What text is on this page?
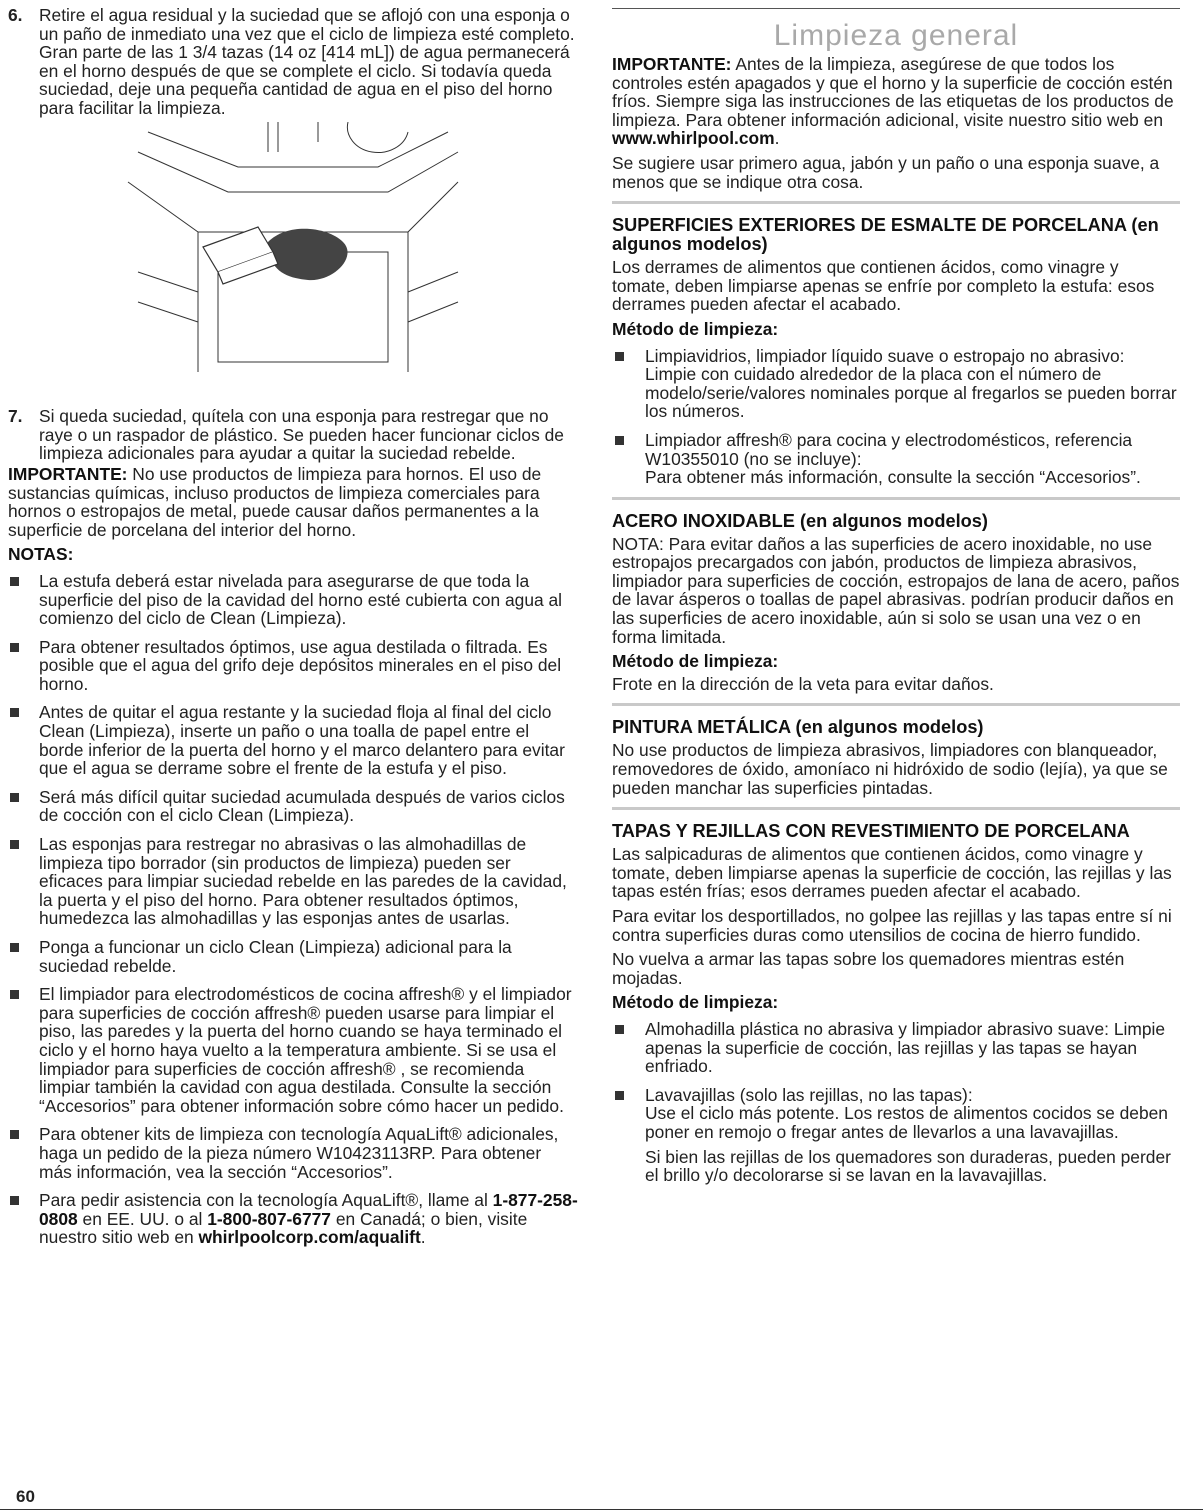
6. Retire el agua residual y la suciedad que se aflojó con una esponja o un paño de inmediato una vez que el ciclo de limpieza esté completo. Gran parte de las 1 3/4 tazas (14 oz [414 mL]) de agua permanecerá en el horno después de que se complete el ciclo. Si todavía queda suciedad, deje una pequeña cantidad de agua en el piso del horno para facilitar la limpieza.
7. Si queda suciedad, quítela con una esponja para restregar que no raye o un raspador de plástico. Se pueden hacer funcionar ciclos de limpieza adicionales para ayudar a quitar la suciedad rebelde.

IMPORTANTE: No use productos de limpieza para hornos. El uso de sustancias químicas, incluso productos de limpieza comerciales para hornos o estropajos de metal, puede causar daños permanentes a la superficie de porcelana del interior del horno.

NOTAS:

La estufa deberá estar nivelada para asegurarse de que toda la superficie del piso de la cavidad del horno esté cubierta con agua al comienzo del ciclo de Clean (Limpieza).
Para obtener resultados óptimos, use agua destilada o filtrada. Es posible que el agua del grifo deje depósitos minerales en el piso del horno.
Antes de quitar el agua restante y la suciedad floja al final del ciclo Clean (Limpieza), inserte un paño o una toalla de papel entre el borde inferior de la puerta del horno y el marco delantero para evitar que el agua se derrame sobre el frente de la estufa y el piso.
Será más difícil quitar suciedad acumulada después de varios ciclos de cocción con el ciclo Clean (Limpieza).
Las esponjas para restregar no abrasivas o las almohadillas de limpieza tipo borrador (sin productos de limpieza) pueden ser eficaces para limpiar suciedad rebelde en las paredes de la cavidad, la puerta y el piso del horno. Para obtener resultados óptimos, humedezca las almohadillas y las esponjas antes de usarlas.
Ponga a funcionar un ciclo Clean (Limpieza) adicional para la suciedad rebelde.
El limpiador para electrodomésticos de cocina affresh® y el limpiador para superficies de cocción affresh® pueden usarse para limpiar el piso, las paredes y la puerta del horno cuando se haya terminado el ciclo y el horno haya vuelto a la temperatura ambiente. Si se usa el limpiador para superficies de cocción affresh® , se recomienda limpiar también la cavidad con agua destilada. Consulte la sección “Accesorios” para obtener información sobre cómo hacer un pedido.
Para obtener kits de limpieza con tecnología AquaLift® adicionales, haga un pedido de la pieza número W10423113RP. Para obtener más información, vea la sección “Accesorios”.
Para pedir asistencia con la tecnología AquaLift®, llame al 1-877-258-0808 en EE. UU. o al 1-800-807-6777 en Canadá; o bien, visite nuestro sitio web en whirlpoolcorp.com/aqualift.
Limpieza general

IMPORTANTE: Antes de la limpieza, asegúrese de que todos los controles estén apagados y que el horno y la superficie de cocción estén fríos. Siempre siga las instrucciones de las etiquetas de los productos de limpieza. Para obtener información adicional, visite nuestro sitio web en www.whirlpool.com.

Se sugiere usar primero agua, jabón y un paño o una esponja suave, a menos que se indique otra cosa.

SUPERFICIES EXTERIORES DE ESMALTE DE PORCELANA (en algunos modelos)

Los derrames de alimentos que contienen ácidos, como vinagre y tomate, deben limpiarse apenas se enfríe por completo la estufa: esos derrames pueden afectar el acabado.

Método de limpieza:

Limpiavidrios, limpiador líquido suave o estropajo no abrasivo: Limpie con cuidado alrededor de la placa con el número de modelo/serie/valores nominales porque al fregarlos se pueden borrar los números.
Limpiador affresh® para cocina y electrodomésticos, referencia W10355010 (no se incluye):
Para obtener más información, consulte la sección “Accesorios”.
ACERO INOXIDABLE (en algunos modelos)

NOTA: Para evitar daños a las superficies de acero inoxidable, no use estropajos precargados con jabón, productos de limpieza abrasivos, limpiador para superficies de cocción, estropajos de lana de acero, paños de lavar ásperos o toallas de papel abrasivas. podrían producir daños en las superficies de acero inoxidable, aún si solo se usan una vez o en forma limitada.

Método de limpieza:

Frote en la dirección de la veta para evitar daños.

PINTURA METÁLICA (en algunos modelos)

No use productos de limpieza abrasivos, limpiadores con blanqueador, removedores de óxido, amoníaco ni hidróxido de sodio (lejía), ya que se pueden manchar las superficies pintadas.

TAPAS Y REJILLAS CON REVESTIMIENTO DE PORCELANA

Las salpicaduras de alimentos que contienen ácidos, como vinagre y tomate, deben limpiarse apenas la superficie de cocción, las rejillas y las tapas estén frías; esos derrames pueden afectar el acabado.

Para evitar los desportillados, no golpee las rejillas y las tapas entre sí ni contra superficies duras como utensilios de cocina de hierro fundido.

No vuelva a armar las tapas sobre los quemadores mientras estén mojadas.

Método de limpieza:

Almohadilla plástica no abrasiva y limpiador abrasivo suave: Limpie apenas la superficie de cocción, las rejillas y las tapas se hayan enfriado.
Lavavajillas (solo las rejillas, no las tapas):
Use el ciclo más potente. Los restos de alimentos cocidos se deben poner en remojo o fregar antes de llevarlos a una lavavajillas.
Si bien las rejillas de los quemadores son duraderas, pueden perder el brillo y/o decolorarse si se lavan en la lavavajillas.
60
